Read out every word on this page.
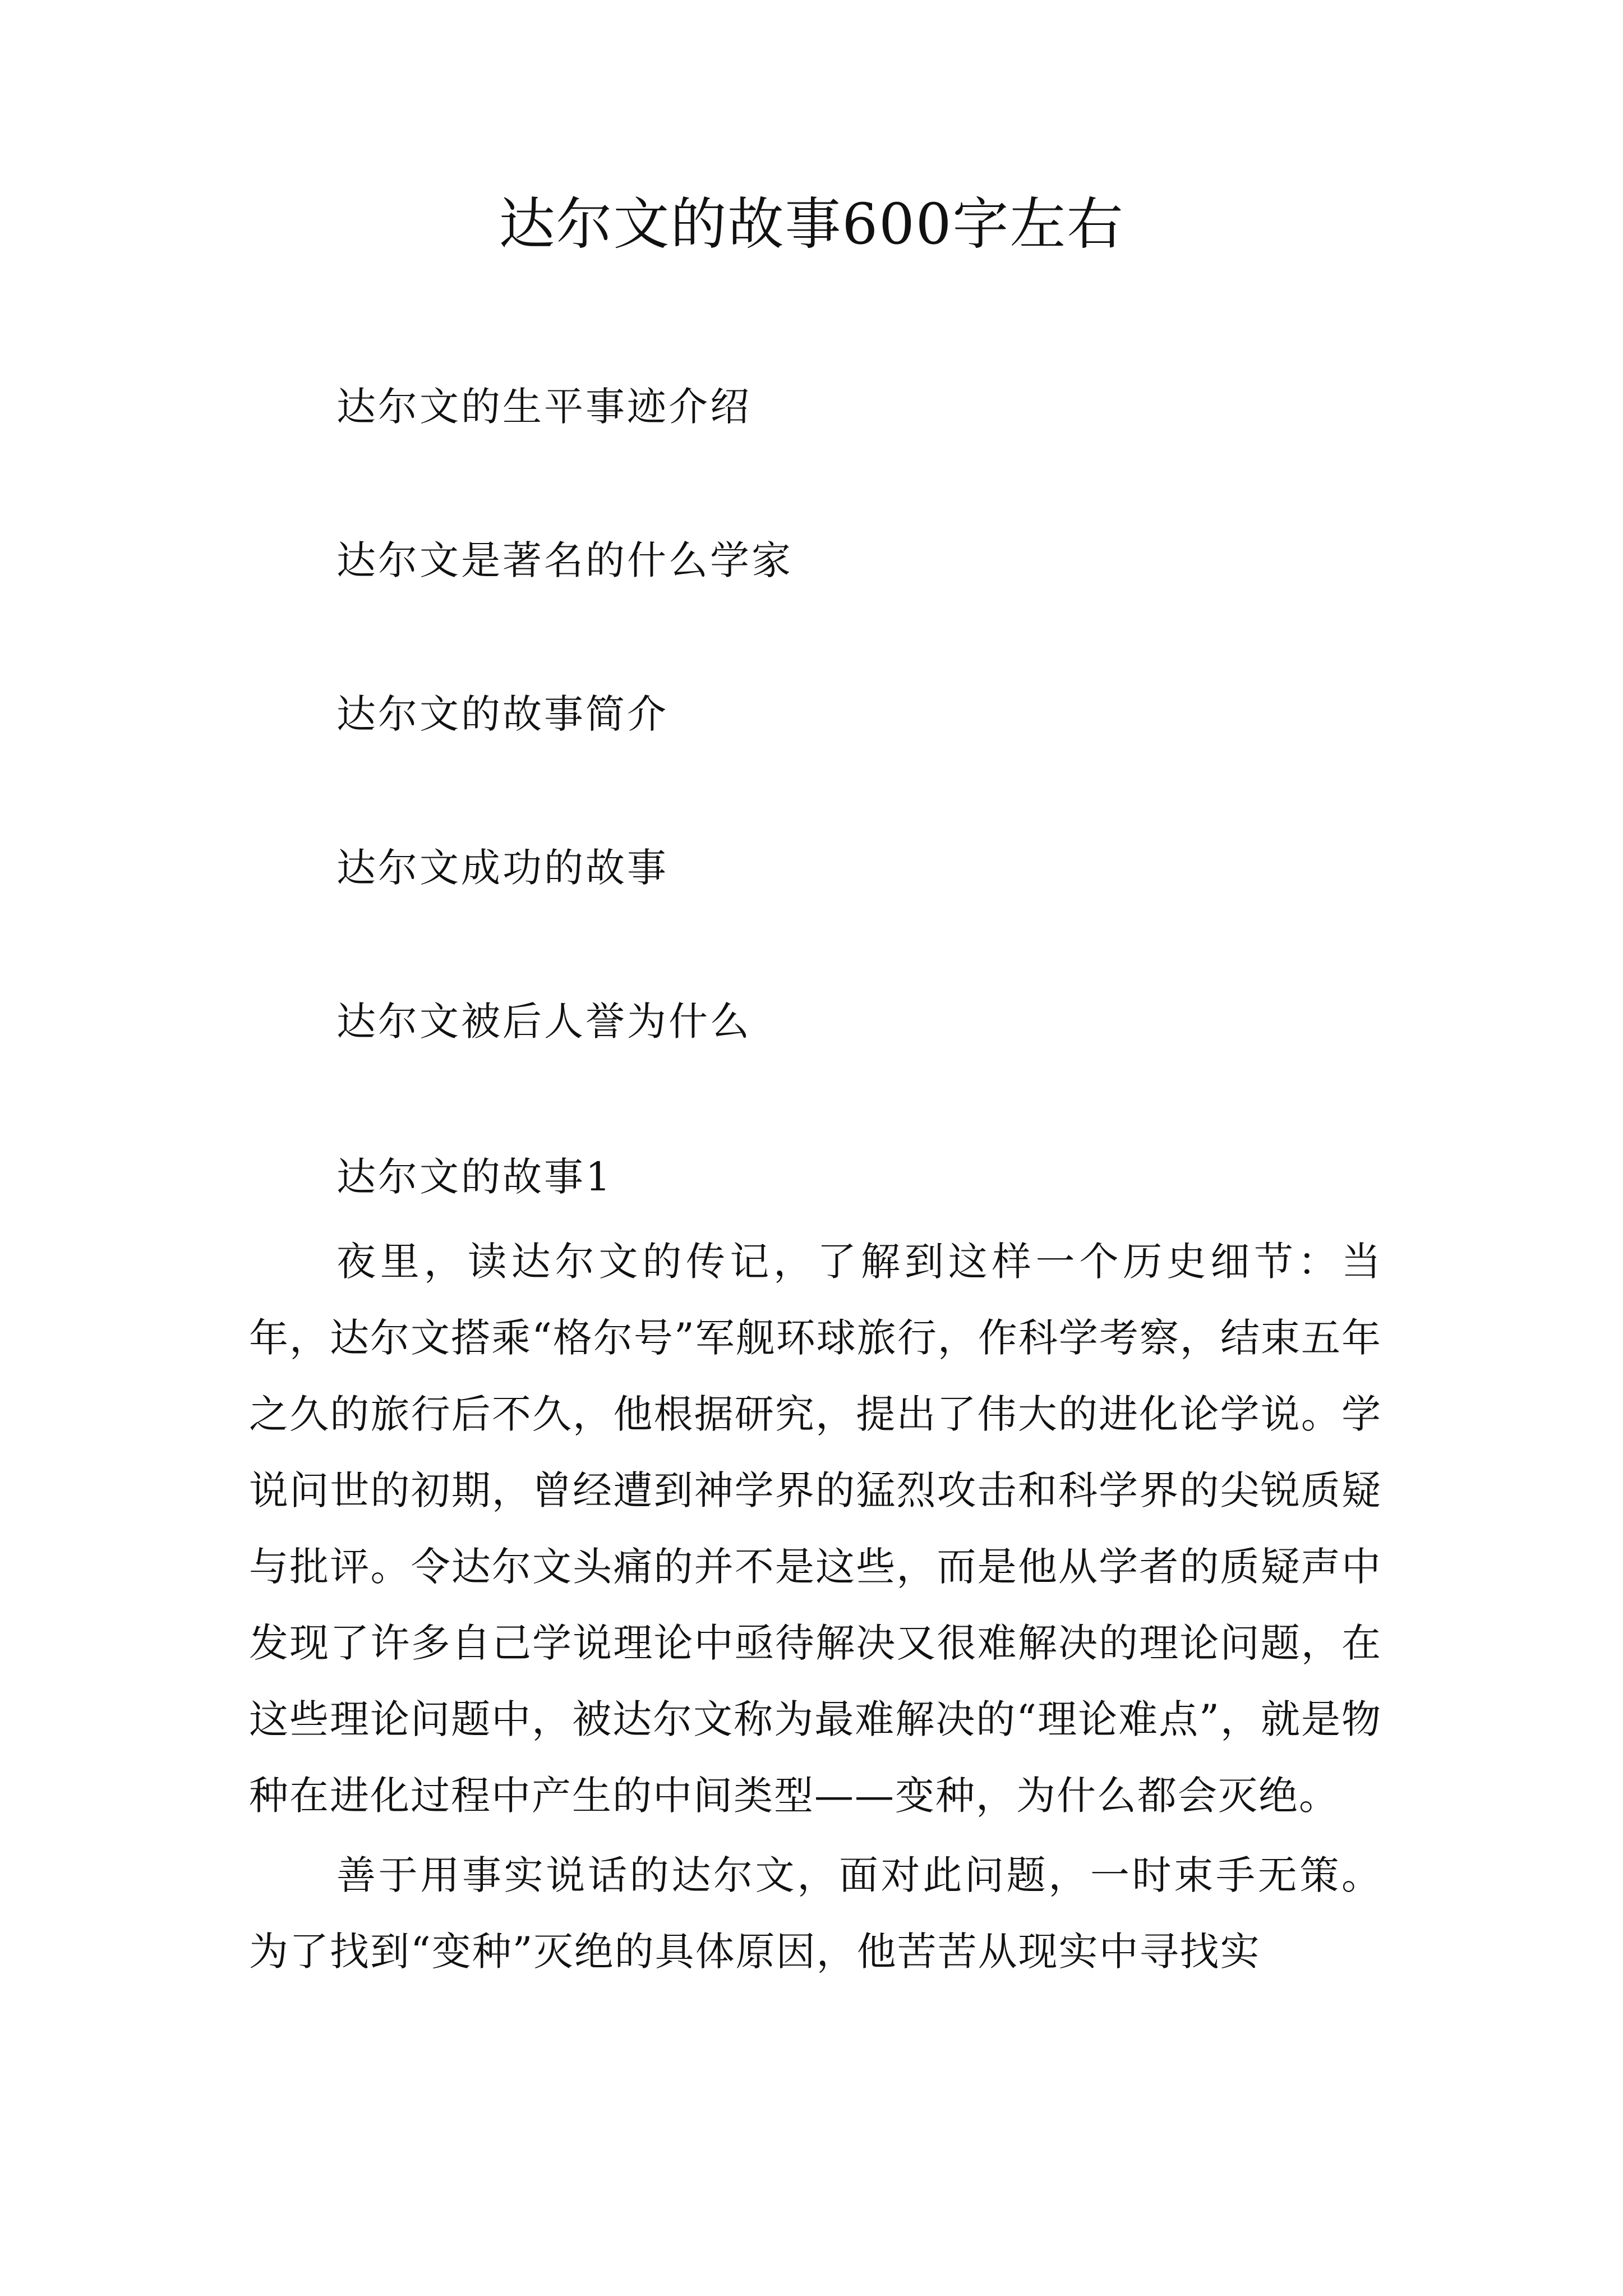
达尔文的故事600字左右
达尔文的生平事迹介绍
达尔文是著名的什么学家
达尔文的故事简介
达尔文成功的故事
达尔文被后人誉为什么
达尔文的故事1

夜里，读达尔文的传记，了解到这样一个历史细节：当年，达尔文搭乘“格尔号”军舰环球旅行，作科学考察，结束五年之久的旅行后不久，他根据研究，提出了伟大的进化论学说。学说问世的初期，曾经遭到神学界的猛烈攻击和科学界的尖锐质疑与批评。令达尔文头痛的并不是这些，而是他从学者的质疑声中发现了许多自己学说理论中亟待解决又很难解决的理论问题，在这些理论问题中，被达尔文称为最难解决的“理论难点”，就是物种在进化过程中产生的中间类型——变种，为什么都会灭绝。

善于用事实说话的达尔文，面对此问题，一时束手无策。为了找到“变种”灭绝的具体原因，他苦苦从现实中寻找实
